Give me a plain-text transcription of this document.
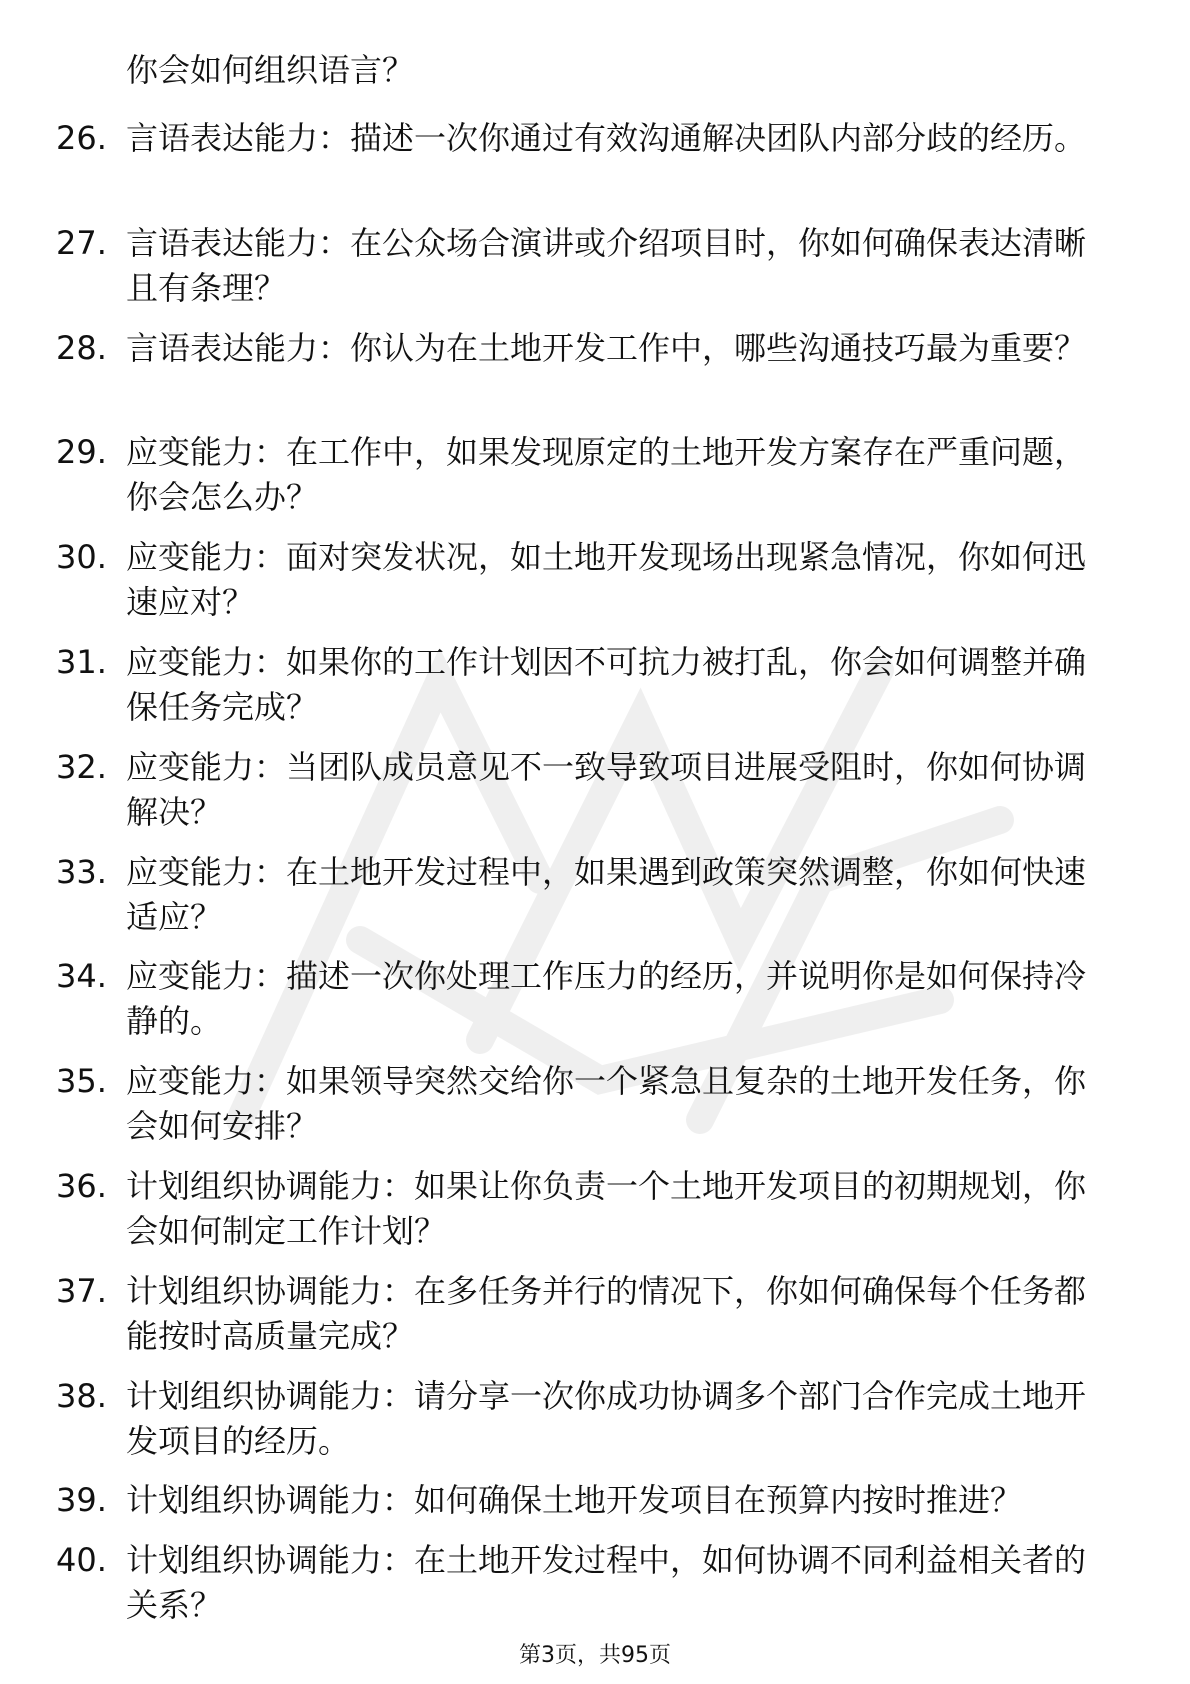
你会如何组织语言？
26. 言语表达能力：描述一次你通过有效沟通解决团队内部分歧的经历。
27. 言语表达能力：在公众场合演讲或介绍项目时，你如何确保表达清晰且有条理？
28. 言语表达能力：你认为在土地开发工作中，哪些沟通技巧最为重要？
29. 应变能力：在工作中，如果发现原定的土地开发方案存在严重问题，你会怎么办？
30. 应变能力：面对突发状况，如土地开发现场出现紧急情况，你如何迅速应对？
31. 应变能力：如果你的工作计划因不可抗力被打乱，你会如何调整并确保任务完成？
32. 应变能力：当团队成员意见不一致导致项目进展受阻时，你如何协调解决？
33. 应变能力：在土地开发过程中，如果遇到政策突然调整，你如何快速适应？
34. 应变能力：描述一次你处理工作压力的经历，并说明你是如何保持冷静的。
35. 应变能力：如果领导突然交给你一个紧急且复杂的土地开发任务，你会如何安排？
36. 计划组织协调能力：如果让你负责一个土地开发项目的初期规划，你会如何制定工作计划？
37. 计划组织协调能力：在多任务并行的情况下，你如何确保每个任务都能按时高质量完成？
38. 计划组织协调能力：请分享一次你成功协调多个部门合作完成土地开发项目的经历。
39. 计划组织协调能力：如何确保土地开发项目在预算内按时推进？
40. 计划组织协调能力：在土地开发过程中，如何协调不同利益相关者的关系？
第3页，共95页
